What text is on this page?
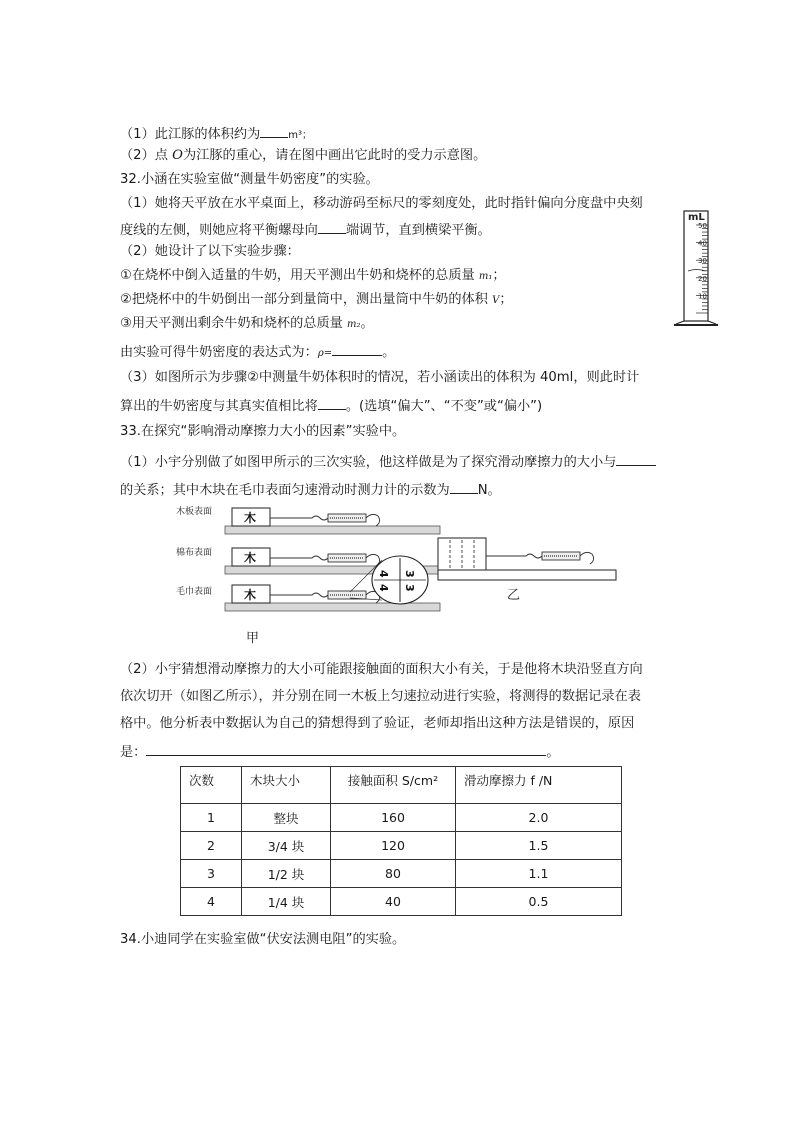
（1）此江豚的体积约为	m³；
（2）点 O为江豚的重心，请在图中画出它此时的受力示意图。
32.小涵在实验室做“测量牛奶密度”的实验。
（1）她将天平放在水平桌面上，移动游码至标尺的零刻度处，此时指针偏向分度盘中央刻
度线的左侧，则她应将平衡螺母向 端调节，直到横梁平衡。
（2）她设计了以下实验步骤：
①在烧杯中倒入适量的牛奶，用天平测出牛奶和烧杯的总质量 m₁；
②把烧杯中的牛奶倒出一部分到量筒中，测出量筒中牛奶的体积 V；
③用天平测出剩余牛奶和烧杯的总质量 m₂。
由实验可得牛奶密度的表达式为：ρ=	。
（3）如图所示为步骤②中测量牛奶体积时的情况，若小涵读出的体积为 40ml，则此时计
算出的牛奶密度与其真实值相比将 。(选填“偏大”、“不变”或“偏小”)
33.在探究“影响滑动摩擦力大小的因素”实验中。
（1）小宇分别做了如图甲所示的三次实验，他这样做是为了探究滑动摩擦力的大小与
的关系；其中木块在毛巾表面匀速滑动时测力计的示数为 N。
mL
50
40
30
20
10
木板表面	木
棉布表面	木
毛巾表面	木
3
3
4
4
乙
甲
（2）小宇猜想滑动摩擦力的大小可能跟接触面的面积大小有关，于是他将木块沿竖直方向
依次切开（如图乙所示），并分别在同一木板上匀速拉动进行实验，将测得的数据记录在表
格中。他分析表中数据认为自己的猜想得到了验证，老师却指出这种方法是错误的，原因
是：	。
次数	木块大小	接触面积 S/cm²	滑动摩擦力 f /N
1	整块	160	2.0
2	3/4 块	120	1.5
3	1/2 块	80	1.1
4	1/4 块	40	0.5
34.小迪同学在实验室做“伏安法测电阻”的实验。
